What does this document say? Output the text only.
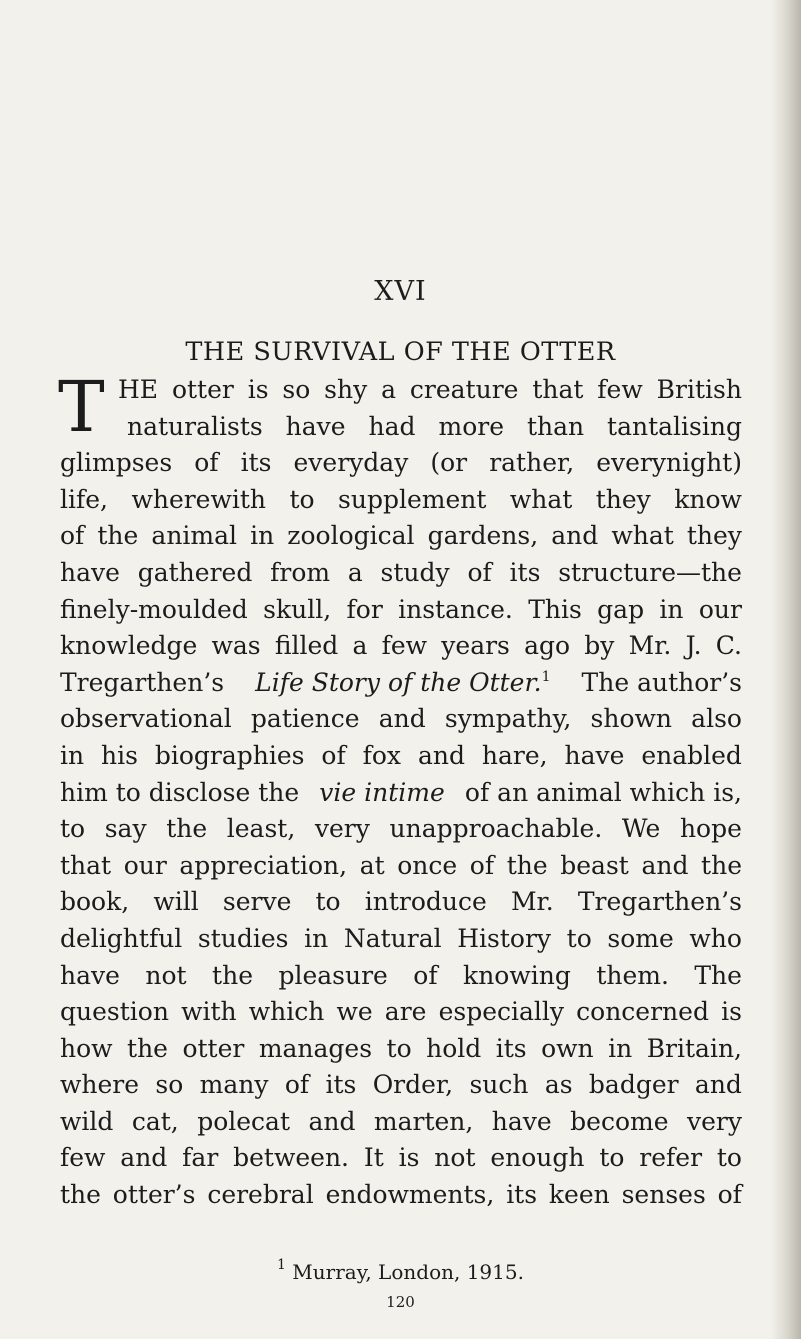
XVI
THE SURVIVAL OF THE OTTER
T HE otter is so shy a creature that few British
naturalists have had more than tantalising
glimpses of its everyday (or rather, everynight)
life, wherewith to supplement what they know
of the animal in zoological gardens, and what they
have gathered from a study of its structure—the
finely-moulded skull, for instance. This gap in our
knowledge was filled a few years ago by Mr. J. C.
Tregarthen’s Life Story of the Otter.$^1$ The author’s
observational patience and sympathy, shown also
in his biographies of fox and hare, have enabled
him to disclose the vie intime of an animal which is,
to say the least, very unapproachable. We hope
that our appreciation, at once of the beast and the
book, will serve to introduce Mr. Tregarthen’s
delightful studies in Natural History to some who
have not the pleasure of knowing them. The
question with which we are especially concerned is
how the otter manages to hold its own in Britain,
where so many of its Order, such as badger and
wild cat, polecat and marten, have become very
few and far between. It is not enough to refer to
the otter’s cerebral endowments, its keen senses of
$^1$ Murray, London, 1915.
120
